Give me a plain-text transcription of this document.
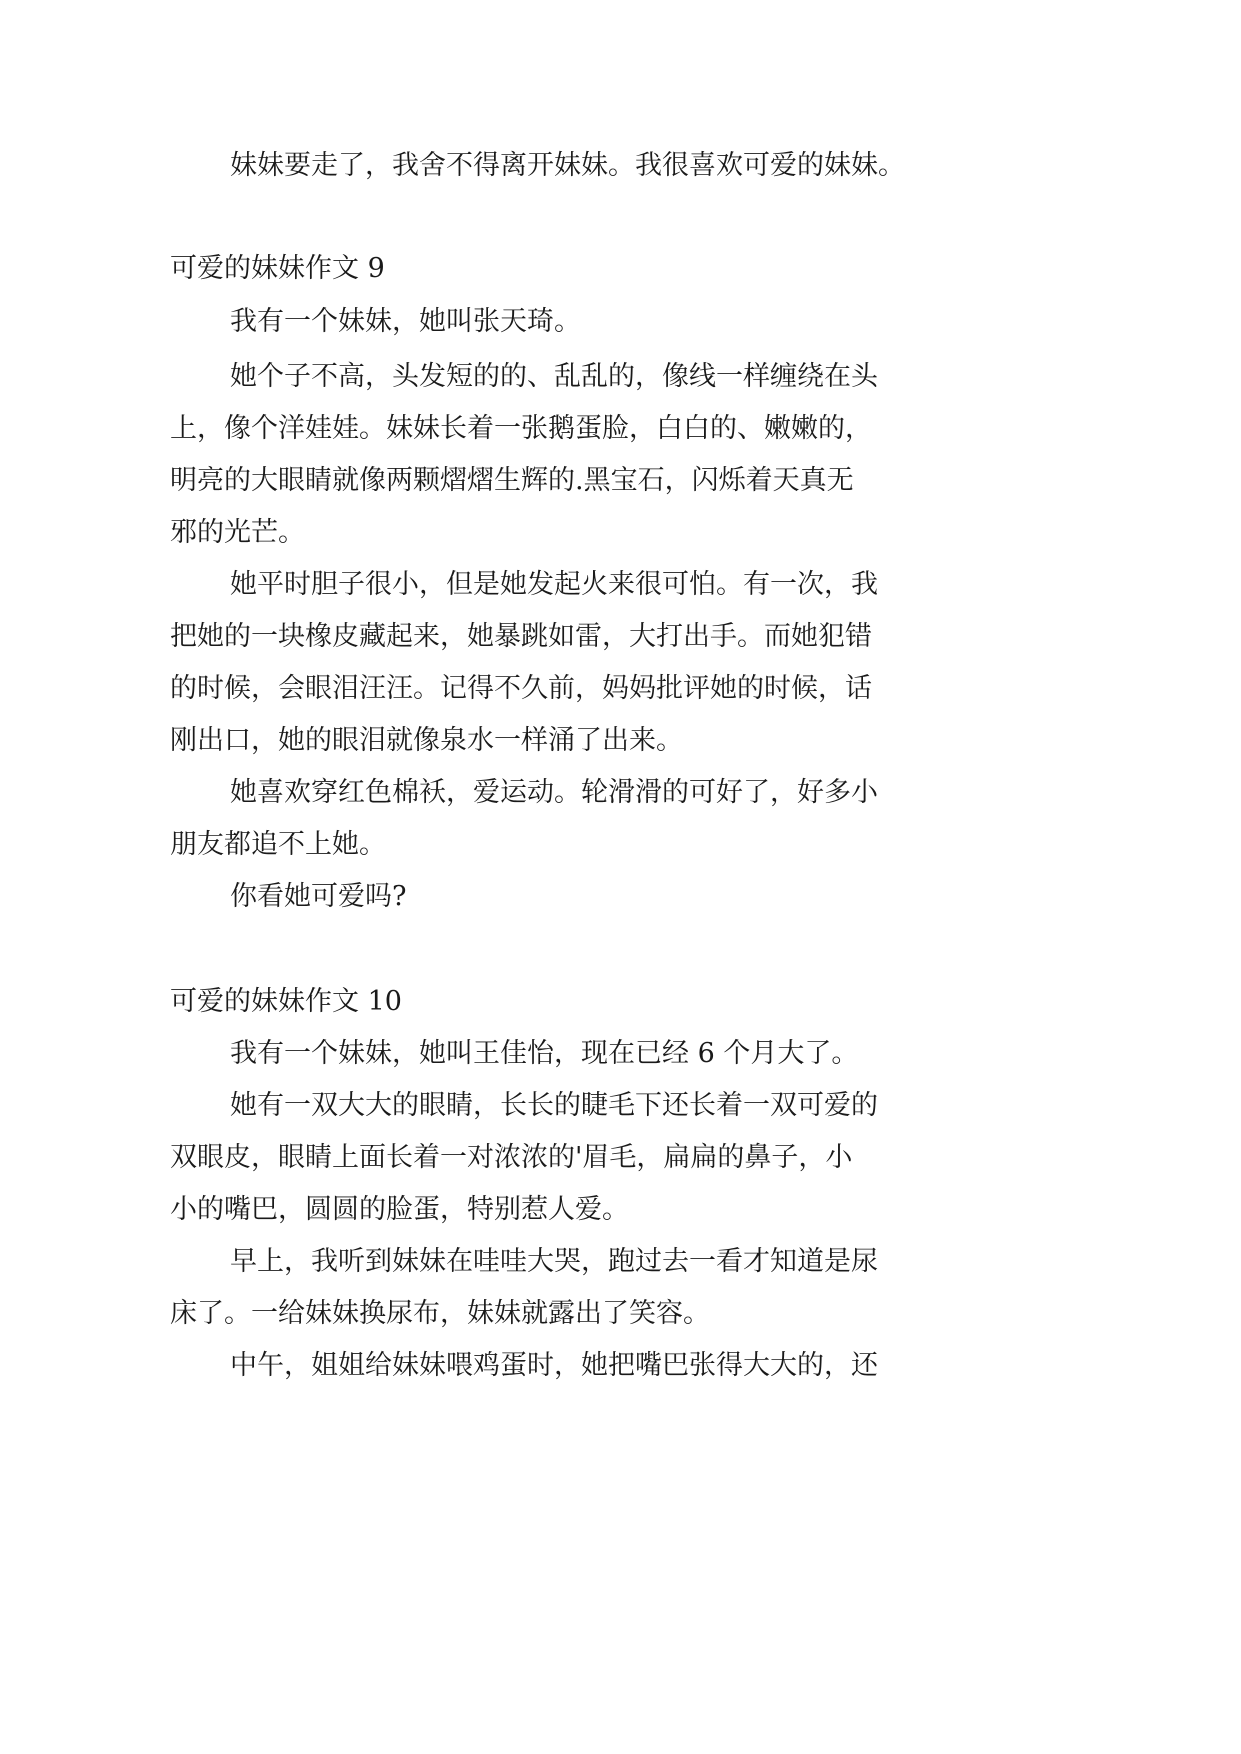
妹妹要走了，我舍不得离开妹妹。我很喜欢可爱的妹妹。
可爱的妹妹作文 9
我有一个妹妹，她叫张天琦。
她个子不高，头发短的的、乱乱的，像线一样缠绕在头
上，像个洋娃娃。妹妹长着一张鹅蛋脸，白白的、嫩嫩的，
明亮的大眼睛就像两颗熠熠生辉的.黑宝石，闪烁着天真无
邪的光芒。
她平时胆子很小，但是她发起火来很可怕。有一次，我
把她的一块橡皮藏起来，她暴跳如雷，大打出手。而她犯错
的时候，会眼泪汪汪。记得不久前，妈妈批评她的时候，话
刚出口，她的眼泪就像泉水一样涌了出来。
她喜欢穿红色棉袄，爱运动。轮滑滑的可好了，好多小
朋友都追不上她。
你看她可爱吗?
可爱的妹妹作文 10
我有一个妹妹，她叫王佳怡，现在已经 6 个月大了。
她有一双大大的眼睛，长长的睫毛下还长着一双可爱的
双眼皮，眼睛上面长着一对浓浓的'眉毛，扁扁的鼻子，小
小的嘴巴，圆圆的脸蛋，特别惹人爱。
早上，我听到妹妹在哇哇大哭，跑过去一看才知道是尿
床了。一给妹妹换尿布，妹妹就露出了笑容。
中午，姐姐给妹妹喂鸡蛋时，她把嘴巴张得大大的，还
